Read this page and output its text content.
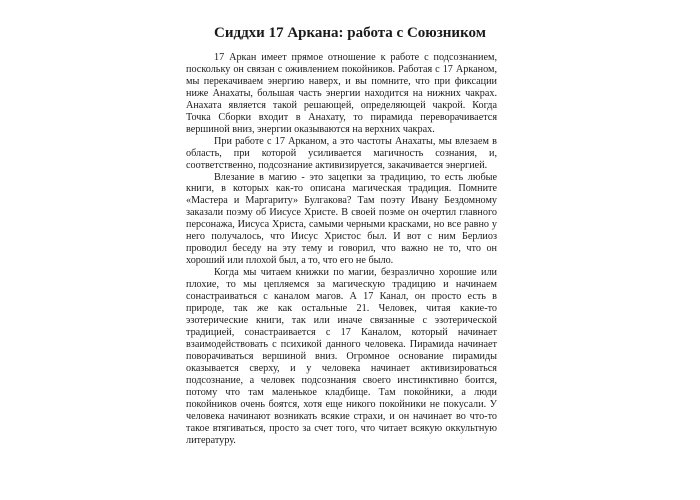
Сиддхи 17 Аркана: работа с Союзником

17 Аркан имеет прямое отношение к работе с подсознанием, поскольку он связан с оживлением покойников. Работая с 17 Арканом, мы перекачиваем энергию наверх, и вы помните, что при фиксации ниже Анахаты, большая часть энергии находится на нижних чакрах. Анахата является такой решающей, определяющей чакрой. Когда Точка Сборки входит в Анахату, то пирамида переворачивается вершиной вниз, энергии оказываются на верхних чакрах.

При работе с 17 Арканом, а это частоты Анахаты, мы влезаем в область, при которой усиливается магичность сознания, и, соответственно, подсознание активизируется, закачивается энергией.

Влезание в магию - это зацепки за традицию, то есть любые книги, в которых как-то описана магическая традиция. Помните «Мастера и Маргариту» Булгакова? Там поэту Ивану Бездомному заказали поэму об Иисусе Христе. В своей поэме он очертил главного персонажа, Иисуса Христа, самыми черными красками, но все равно у него получалось, что Иисус Христос был. И вот с ним Берлиоз проводил беседу на эту тему и говорил, что важно не то, что он хороший или плохой был, а то, что его не было.

Когда мы читаем книжки по магии, безразлично хорошие или плохие, то мы цепляемся за магическую традицию и начинаем сонастраиваться с каналом магов. А 17 Канал, он просто есть в природе, так же как остальные 21. Человек, читая какие-то эзотерические книги, так или иначе связанные с эзотерической традицией, сонастраивается с 17 Каналом, который начинает взаимодействовать с психикой данного человека. Пирамида начинает поворачиваться вершиной вниз. Огромное основание пирамиды оказывается сверху, и у человека начинает активизироваться подсознание, а человек подсознания своего инстинктивно боится, потому что там маленькое кладбище. Там покойники, а люди покойников очень боятся, хотя еще никого покойники не покусали. У человека начинают возникать всякие страхи, и он начинает во что-то такое втягиваться, просто за счет того, что читает всякую оккультную литературу.
